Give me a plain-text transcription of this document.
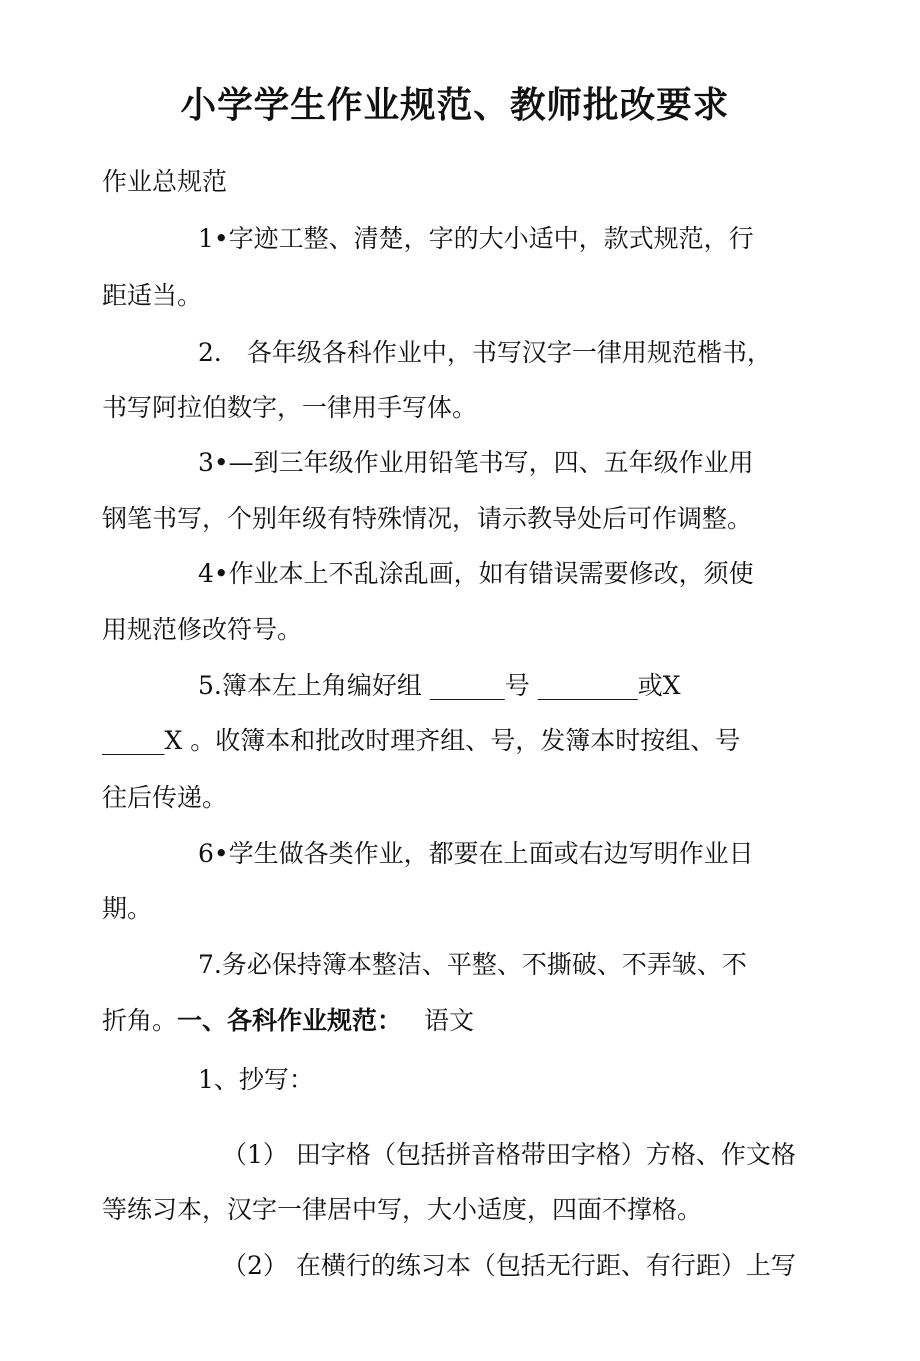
小学学生作业规范、教师批改要求
作业总规范
1•字迹工整、清楚，字的大小适中，款式规范，行
距适当。
2． 各年级各科作业中，书写汉字一律用规范楷书，
书写阿拉伯数字，一律用手写体。
3•—到三年级作业用铅笔书写，四、五年级作业用
钢笔书写，个别年级有特殊情况，请示教导处后可作调整。
4•作业本上不乱涂乱画，如有错误需要修改，须使
用规范修改符号。
5.簿本左上角编好组 ______号 ________或X
_____X 。收簿本和批改时理齐组、号，发簿本时按组、号
往后传递。
6•学生做各类作业，都要在上面或右边写明作业日
期。
7.务必保持簿本整洁、平整、不撕破、不弄皱、不
折角。一、各科作业规范： 语文
1、抄写：
（1） 田字格（包括拼音格带田字格）方格、作文格
等练习本，汉字一律居中写，大小适度，四面不撑格。
（2） 在横行的练习本（包括无行距、有行距）上写
